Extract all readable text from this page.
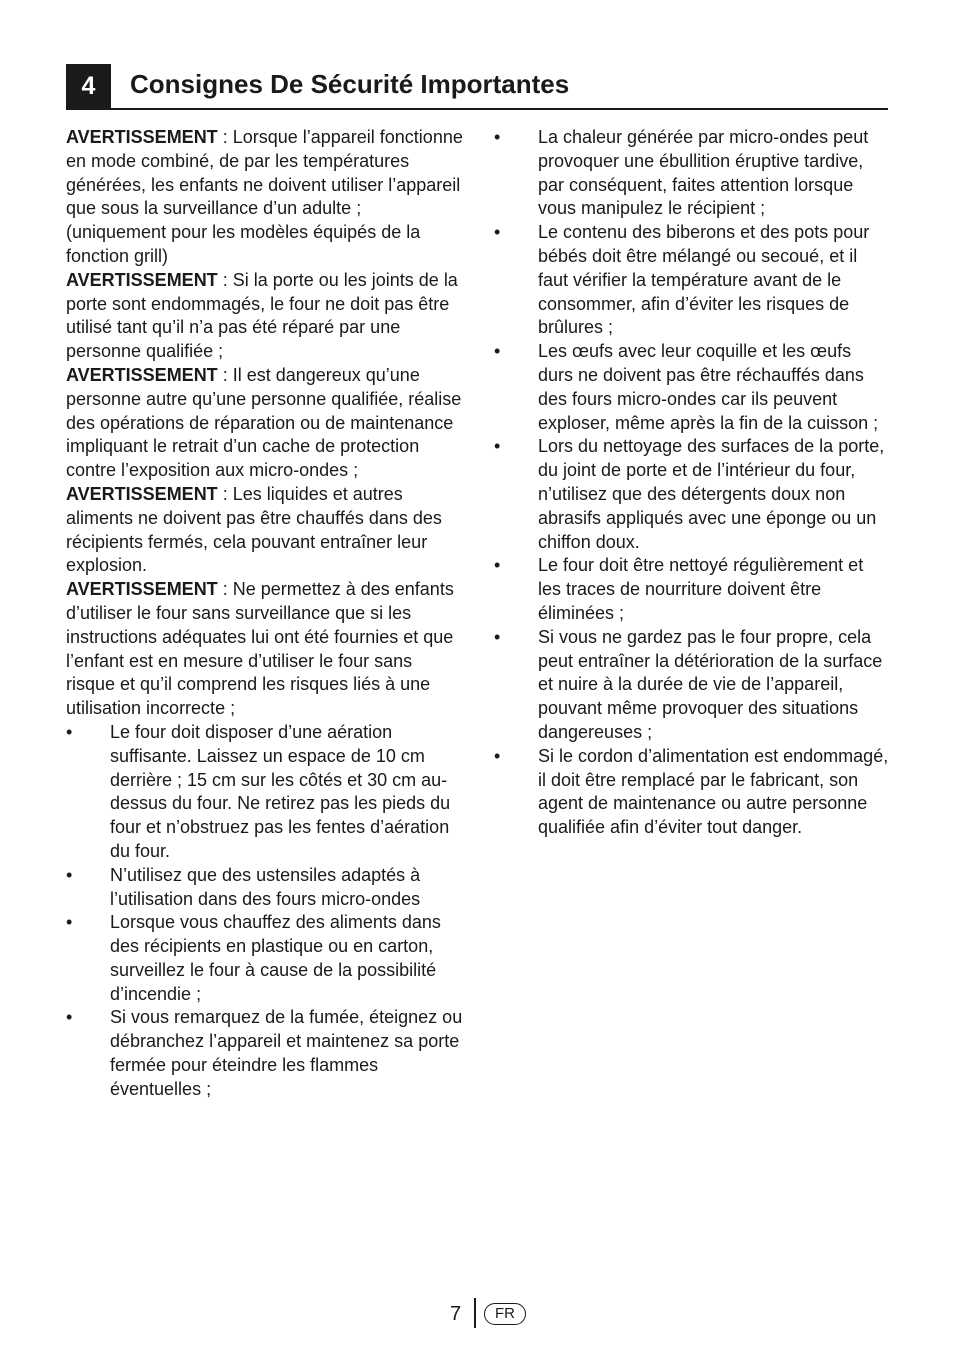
4	Consignes De Sécurité Importantes

AVERTISSEMENT : Lorsque l’appareil fonctionne en mode combiné, de par les températures générées, les enfants ne doivent utiliser l’appareil que sous la surveillance d’un adulte ; (uniquement pour les modèles équipés de la fonction grill)

AVERTISSEMENT : Si la porte ou les joints de la porte sont endommagés, le four ne doit pas être utilisé tant qu’il n’a pas été réparé par une personne qualifiée ;

AVERTISSEMENT : Il est dangereux qu’une personne autre qu’une personne qualifiée, réalise des opérations de réparation ou de maintenance impliquant le retrait d’un cache de protection contre l’exposition aux micro-ondes ;

AVERTISSEMENT : Les liquides et autres aliments ne doivent pas être chauffés dans des récipients fermés, cela pouvant entraîner leur explosion.

AVERTISSEMENT : Ne permettez à des enfants d’utiliser le four sans surveillance que si les instructions adéquates lui ont été fournies et que l’enfant est en mesure d’utiliser le four sans risque et qu’il comprend les risques liés à une utilisation incorrecte ;

•	Le four doit disposer d’une aération suffisante. Laissez un espace de 10 cm derrière ; 15 cm sur les côtés et 30 cm au-dessus du four. Ne retirez pas les pieds du four et n’obstruez pas les fentes d’aération du four.
•	N’utilisez que des ustensiles adaptés à l’utilisation dans des fours micro-ondes
•	Lorsque vous chauffez des aliments dans des récipients en plastique ou en carton, surveillez le four à cause de la possibilité d’incendie ;
•	Si vous remarquez de la fumée, éteignez ou débranchez l’appareil et maintenez sa porte fermée pour éteindre les flammes éventuelles ;
•	La chaleur générée par micro-ondes peut provoquer une ébullition éruptive tardive, par conséquent, faites attention lorsque vous manipulez le récipient ;
•	Le contenu des biberons et des pots pour bébés doit être mélangé ou secoué, et il faut vérifier la température avant de le consommer, afin d’éviter les risques de brûlures ;
•	Les œufs avec leur coquille et les œufs durs ne doivent pas être réchauffés dans des fours micro-ondes car ils peuvent exploser, même après la fin de la cuisson ;
•	Lors du nettoyage des surfaces de la porte, du joint de porte et de l’intérieur du four, n’utilisez que des détergents doux non abrasifs appliqués avec une éponge ou un chiffon doux.
•	Le four doit être nettoyé régulièrement et les traces de nourriture doivent être éliminées ;
•	Si vous ne gardez pas le four propre, cela peut entraîner la détérioration de la surface et nuire à la durée de vie de l’appareil, pouvant même provoquer des situations dangereuses ;
•	Si le cordon d’alimentation est endommagé, il doit être remplacé par le fabricant, son agent de maintenance ou autre personne qualifiée afin d’éviter tout danger.
7	FR
